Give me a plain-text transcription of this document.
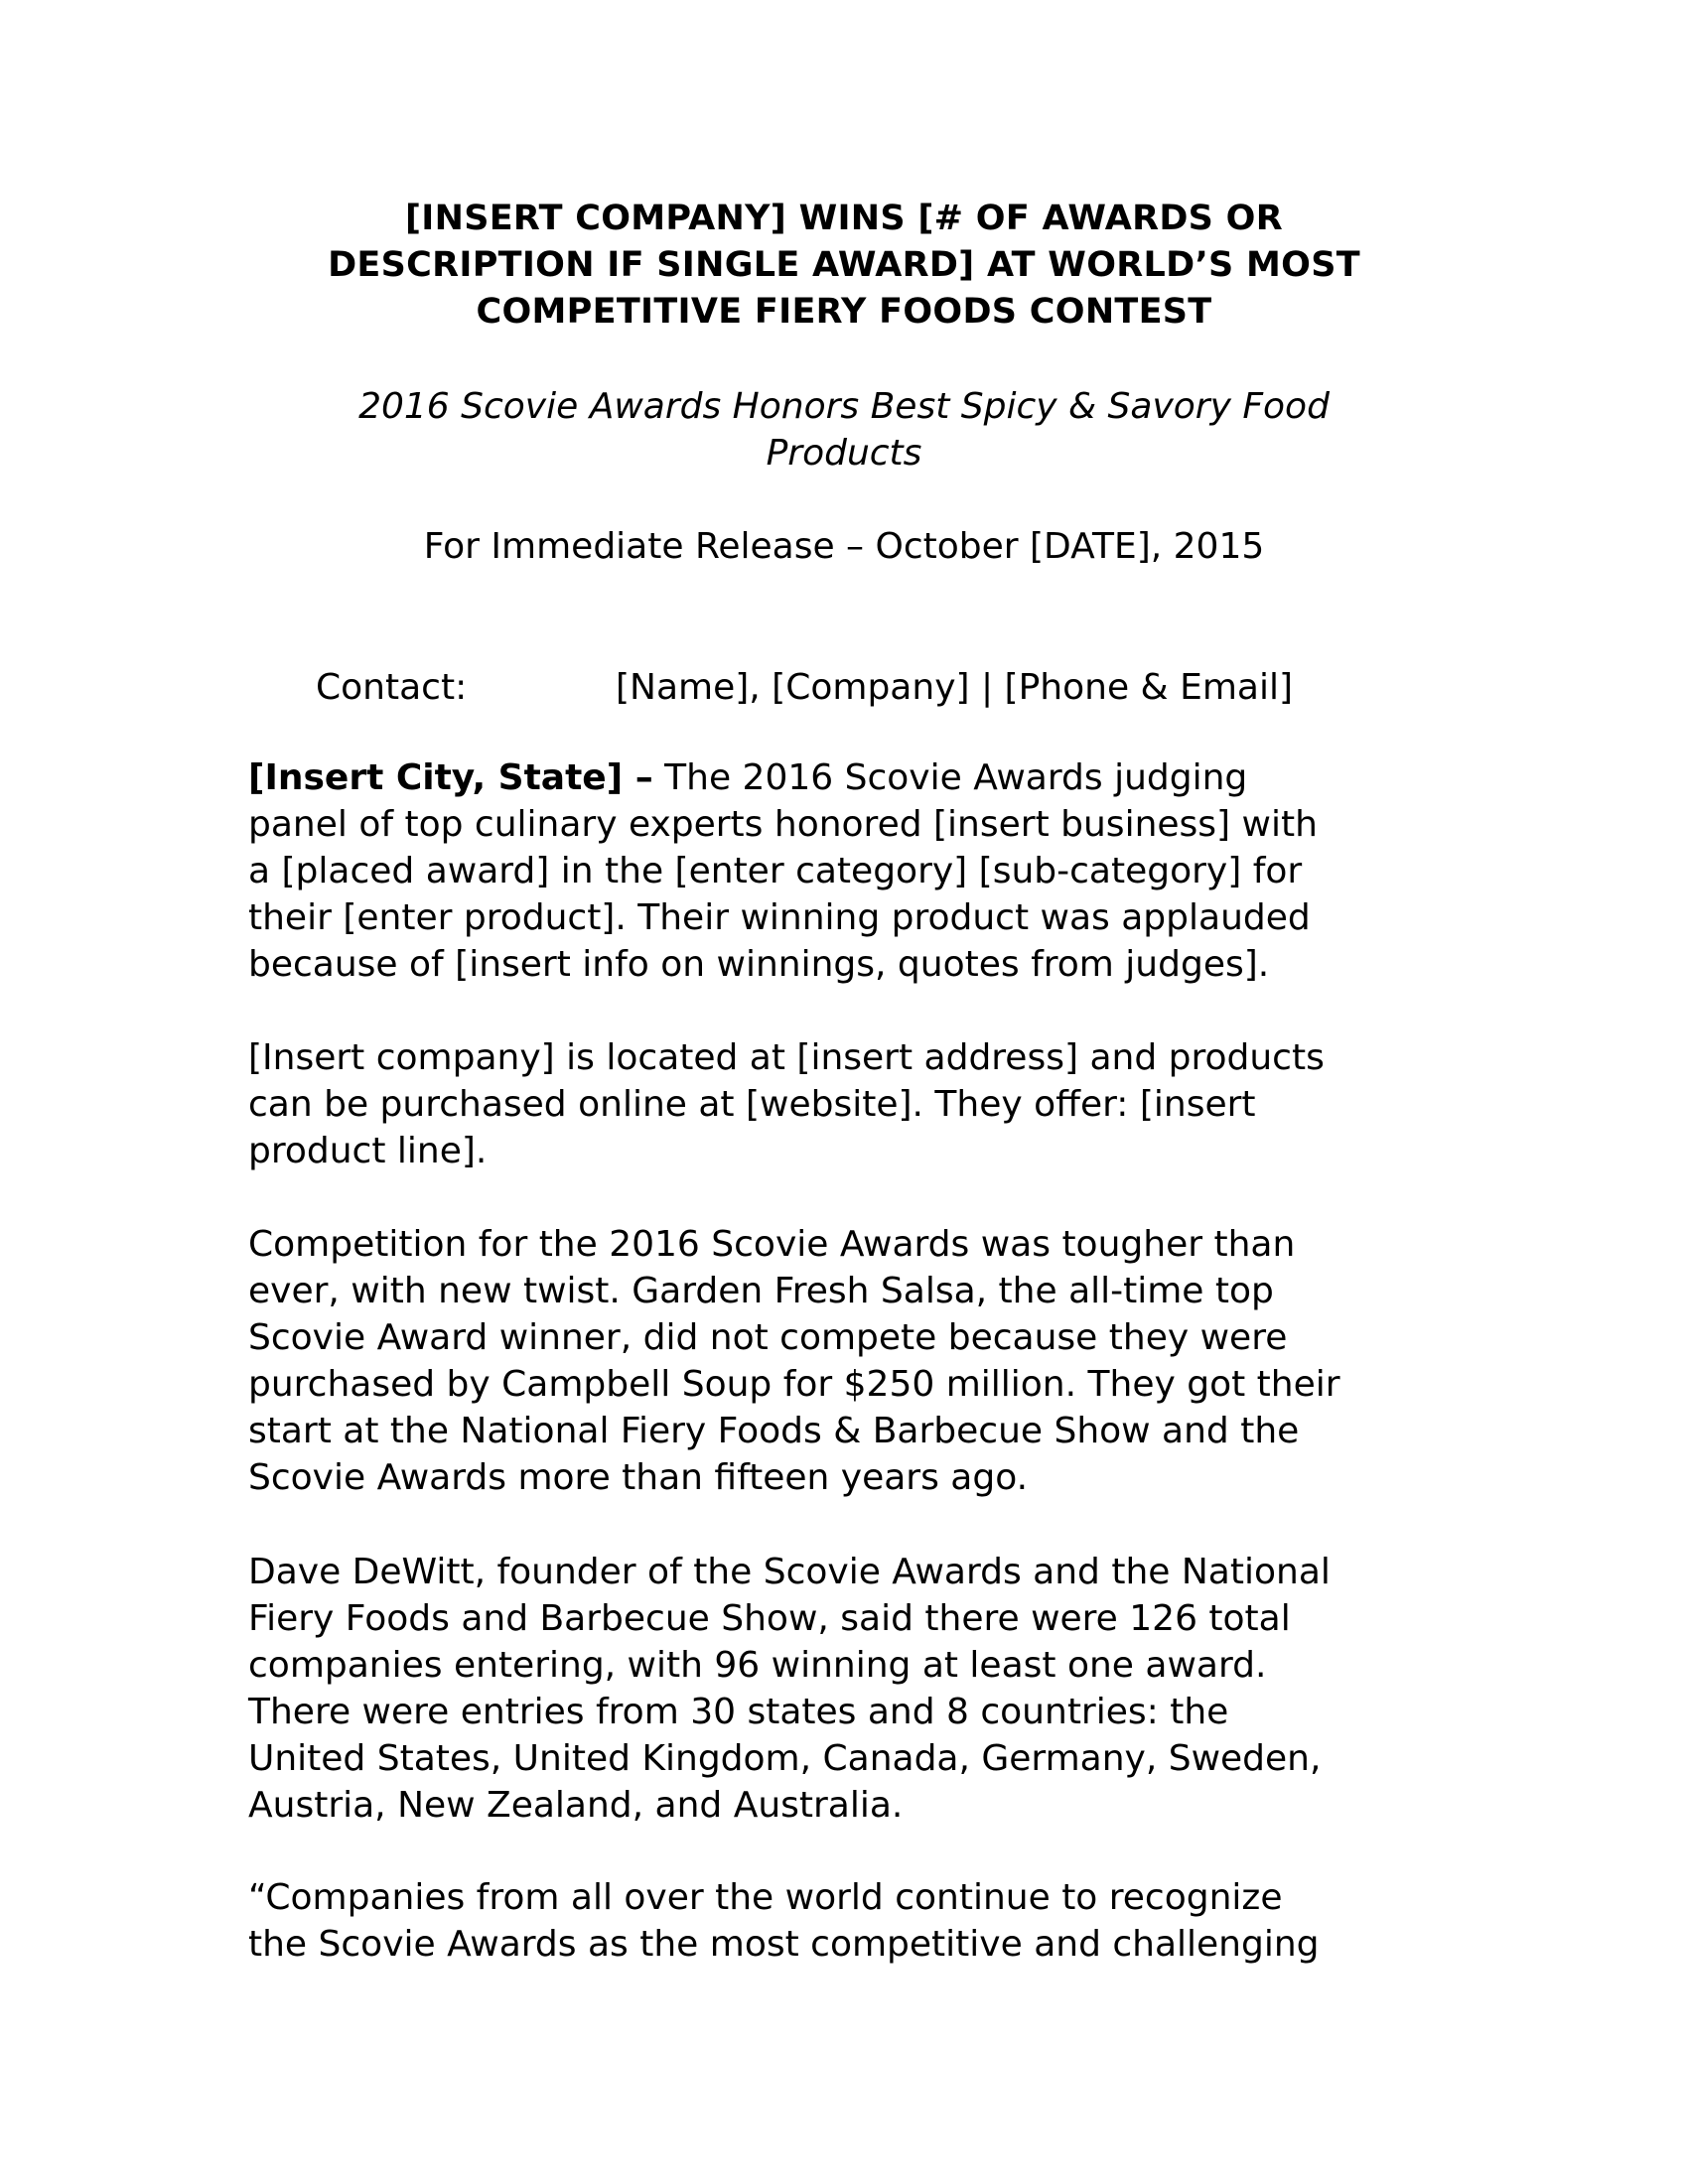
[INSERT COMPANY] WINS [# OF AWARDS OR
DESCRIPTION IF SINGLE AWARD] AT WORLD’S MOST
COMPETITIVE FIERY FOODS CONTEST
2016 Scovie Awards Honors Best Spicy & Savory Food
Products
For Immediate Release – October [DATE], 2015
Contact:	[Name], [Company] | [Phone & Email]
[Insert City, State] – The 2016 Scovie Awards judging
panel of top culinary experts honored [insert business] with
a [placed award] in the [enter category] [sub-category] for
their [enter product]. Their winning product was applauded
because of [insert info on winnings, quotes from judges].
[Insert company] is located at [insert address] and products
can be purchased online at [website]. They offer: [insert
product line].
Competition for the 2016 Scovie Awards was tougher than
ever, with new twist. Garden Fresh Salsa, the all-time top
Scovie Award winner, did not compete because they were
purchased by Campbell Soup for $250 million. They got their
start at the National Fiery Foods & Barbecue Show and the
Scovie Awards more than fifteen years ago.
Dave DeWitt, founder of the Scovie Awards and the National
Fiery Foods and Barbecue Show, said there were 126 total
companies entering, with 96 winning at least one award.
There were entries from 30 states and 8 countries: the
United States, United Kingdom, Canada, Germany, Sweden,
Austria, New Zealand, and Australia.
“Companies from all over the world continue to recognize
the Scovie Awards as the most competitive and challenging
